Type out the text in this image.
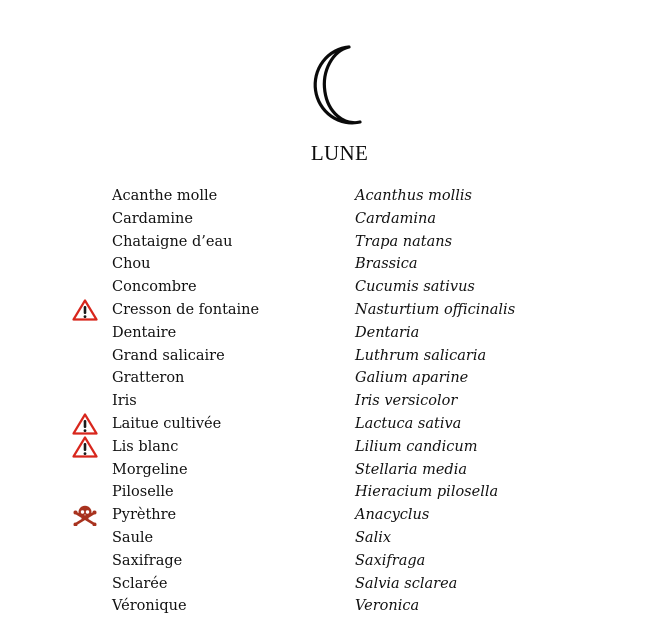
LUNE
Acanthe molle	Acanthus mollis
Cardamine	Cardamina
Chataigne d’eau	Trapa natans
Chou	Brassica
Concombre	Cucumis sativus
Cresson de fontaine	Nasturtium officinalis
Dentaire	Dentaria
Grand salicaire	Luthrum salicaria
Gratteron	Galium aparine
Iris	Iris versicolor
Laitue cultivée	Lactuca sativa
Lis blanc	Lilium candicum
Morgeline	Stellaria media
Piloselle	Hieracium pilosella
Pyrèthre	Anacyclus
Saule	Salix
Saxifrage	Saxifraga
Sclarée	Salvia sclarea
Véronique	Veronica
